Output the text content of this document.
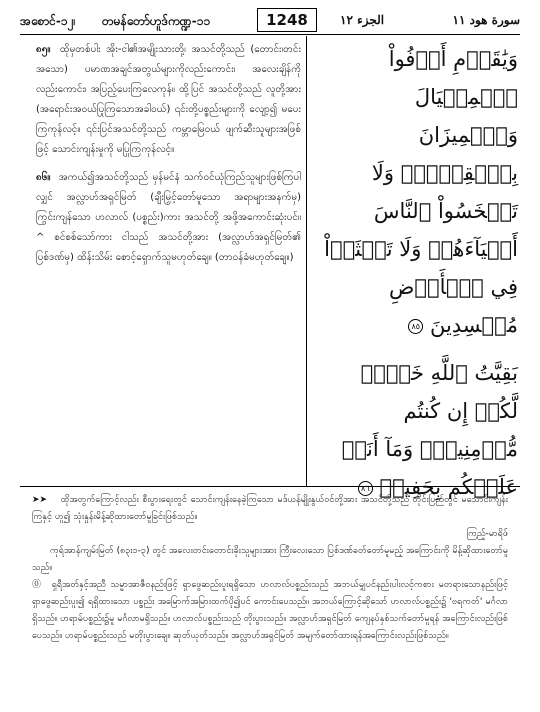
အစောင်-၁၂၊ တမန်တော်ဟူဒ်ကဏ္ဍ-၁၁	1248	الجزء ١٢	سورة هود ١١

၈၅။ ထိုမှတစ်ပါး အိုး-ငါ၏အမျိုးသားတို့၊ အသင်တို့သည် (တောင်း၊တင်းအသော) ပမာဏအချင်အတွယ်များကိုလည်းကောင်း၊ အလေးချိန်ကိုလည်းကောင်း၊ အပြည့်ပေးကြလေကုန်။ ထို့ပြင် အသင်တို့သည် လူတို့အား (အရောင်းအဝယ်ပြုကြသောအခါဝယ်) ၎င်းတို့ပစ္စည်းများကို လျော့၍ မပေးကြကုန်လင့်။ ၎င်းပြင်အသင်တို့သည် ကမ္ဘာမြေဝယ် ဖျက်ဆီးသူများအဖြစ်ဖြင့် သောင်းကျန်းမှုကို မပြုကြကုန်လင့်။

၈၆။ အကယ်၍အသင်တို့သည် မှန်မင်နံ သက်ဝင်ယုံကြည်သူများဖြစ်ကြပါလျှင် အလ္လာဟ်အရှင်မြတ် (ချီးမြှင့်တော်မူသော အရာများအနက်မှ) ကြွင်းကျန်သော ဟလာလ် (ပစ္စည်း)ကား အသင်တို့ အဖို့အကောင်းဆုံးပင်။ ^ စင်စစ်သော်ကား ငါသည် အသင်တို့အား (အလ္လာဟ်အရှင်မြတ်၏ ပြစ်ဒဏ်မှ) ထိန်းသိမ်း စောင့်ရှောက်သူမဟုတ်ချေ။ (တာဝန်ခံမဟုတ်ချေ။)

وَيَٰقَوۡمِ أَوۡفُواْ ٱلۡمِكۡيَالَ وَٱلۡمِيزَانَ بِٱلۡقِسۡطِۖ وَلَا تَبۡخَسُواْ ٱلنَّاسَ أَشۡيَآءَهُمۡ وَلَا تَعۡثَوۡاْ فِي ٱلۡأَرۡضِ مُفۡسِدِينَ ٨٥
بَقِيَّتُ ٱللَّهِ خَيۡرٞ لَّكُمۡ إِن كُنتُم مُّؤۡمِنِينَۚ وَمَآ أَنَا۠ عَلَيۡكُم بِحَفِيظٖ ٨٦

➤➤ ထိုအတွက်ကြောင့်လည်း စီးပွားရေးတွင် သောင်းကျန်းနေခဲ့ကြသော မဒ်ယန်မျိုးနွယ်ဝင်တို့အား အသင်တို့သည် တိုင်းပြည်တွင် မသောင်းကျန်းကြနှင့် ဟူ၍ သုံးနှုန်းမိန့်ဆိုထားတော်မူခြင်းဖြစ်သည်။

ကြည့်-မာရိဖ်

ကုရ်အာန်ကျမ်းမြတ် (၈၃း၁-၃) တွင် အလေးတင်းတောင်းခိုးသူများအား ကြီးလေးသော ပြစ်ဒဏ်ခတ်တော်မူမည့် အကြောင်းကို မိန့်ဆိုထားတော်မူသည်။

⓪ ရှရီအတ်နှင့်အညီ သမ္မာအာဇီဝနည်းဖြင့် ရှာဖွေဆည်းပူးရရှိသော ဟလာလ်ပစ္စည်းသည် အဘယ်မျှပင်နည်းပါးလင့်ကစား မတရားသောနည်းဖြင့် ရှာဖွေဆည်းပူး၍ ရရှိထားသော ပစ္စည်း အမြောက်အမြားထက်ပို၍ပင် ကောင်းပေသည်။ အဘယ်ကြောင့်ဆိုသော် ဟလာလ်ပစ္စည်း၌ 'ဗရကတ်' မင်္ဂလာရှိသည်။ ဟရာမ်ပစ္စည်း၌မူ မင်္ဂလာမရှိသည်။ ဟလာလ်ပစ္စည်းသည် တိုးပွားသည်။ အလ္လာဟ်အရှင်မြတ် ကျေနပ်နှစ်သက်တော်မူရန် အကြောင်းလည်းဖြစ်ပေသည်။ ဟရာမ်ပစ္စည်းသည် မတိုးပွားချေ။ ဆုတ်ယုတ်သည်။ အလ္လာဟ်အရှင်မြတ် အမျက်တော်ထားရန်အကြောင်းလည်းဖြစ်သည်။
